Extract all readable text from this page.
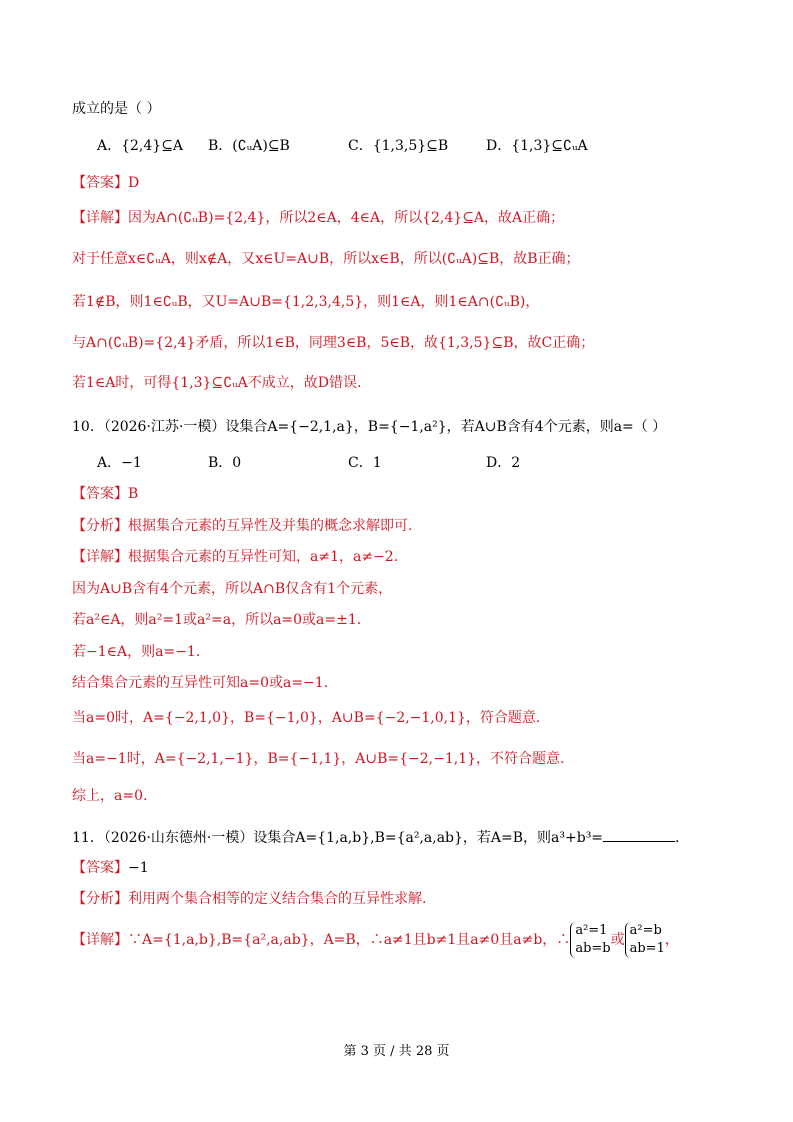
成立的是（ ）
A．{2,4}⊆A B．(∁ᵤA)⊆B	C．{1,3,5}⊆B	D．{1,3}⊆∁ᵤA
【答案】D
【详解】因为A∩(∁ᵤB)={2,4}，所以2∈A，4∈A，所以{2,4}⊆A，故A正确；
对于任意x∈∁ᵤA，则x∉A，又x∈U=A∪B，所以x∈B，所以(∁ᵤA)⊆B，故B正确；
若1∉B，则1∈∁ᵤB，又U=A∪B={1,2,3,4,5}，则1∈A，则1∈A∩(∁ᵤB)，
与A∩(∁ᵤB)={2,4}矛盾，所以1∈B，同理3∈B，5∈B，故{1,3,5}⊆B，故C正确；
若1∈A时，可得{1,3}⊆∁ᵤA不成立，故D错误.
10．（2026·江苏·一模）设集合A={−2,1,a}，B={−1,a²}，若A∪B含有4个元素，则a=（ ）
A．−1	B．0	C．1	D．2
【答案】B
【分析】根据集合元素的互异性及并集的概念求解即可.
【详解】根据集合元素的互异性可知，a≠1，a≠−2.
因为A∪B含有4个元素，所以A∩B仅含有1个元素，
若a²∈A，则a²=1或a²=a，所以a=0或a=±1.
若−1∈A，则a=−1.
结合集合元素的互异性可知a=0或a=−1.
当a=0时，A={−2,1,0}，B={−1,0}，A∪B={−2,−1,0,1}，符合题意.
当a=−1时，A={−2,1,−1}，B={−1,1}，A∪B={−2,−1,1}，不符合题意.
综上，a=0.
11．（2026·山东德州·一模）设集合A={1,a,b},B={a²,a,ab}，若A=B，则a³+b³=	.
【答案】−1
【分析】利用两个集合相等的定义结合集合的互异性求解.
【详解】∵A={1,a,b},B={a²,a,ab}，A=B，∴a≠1且b≠1且a≠0且a≠b，∴a²=1
ab=b或a²=b
ab=1，
第 3 页 / 共 28 页
